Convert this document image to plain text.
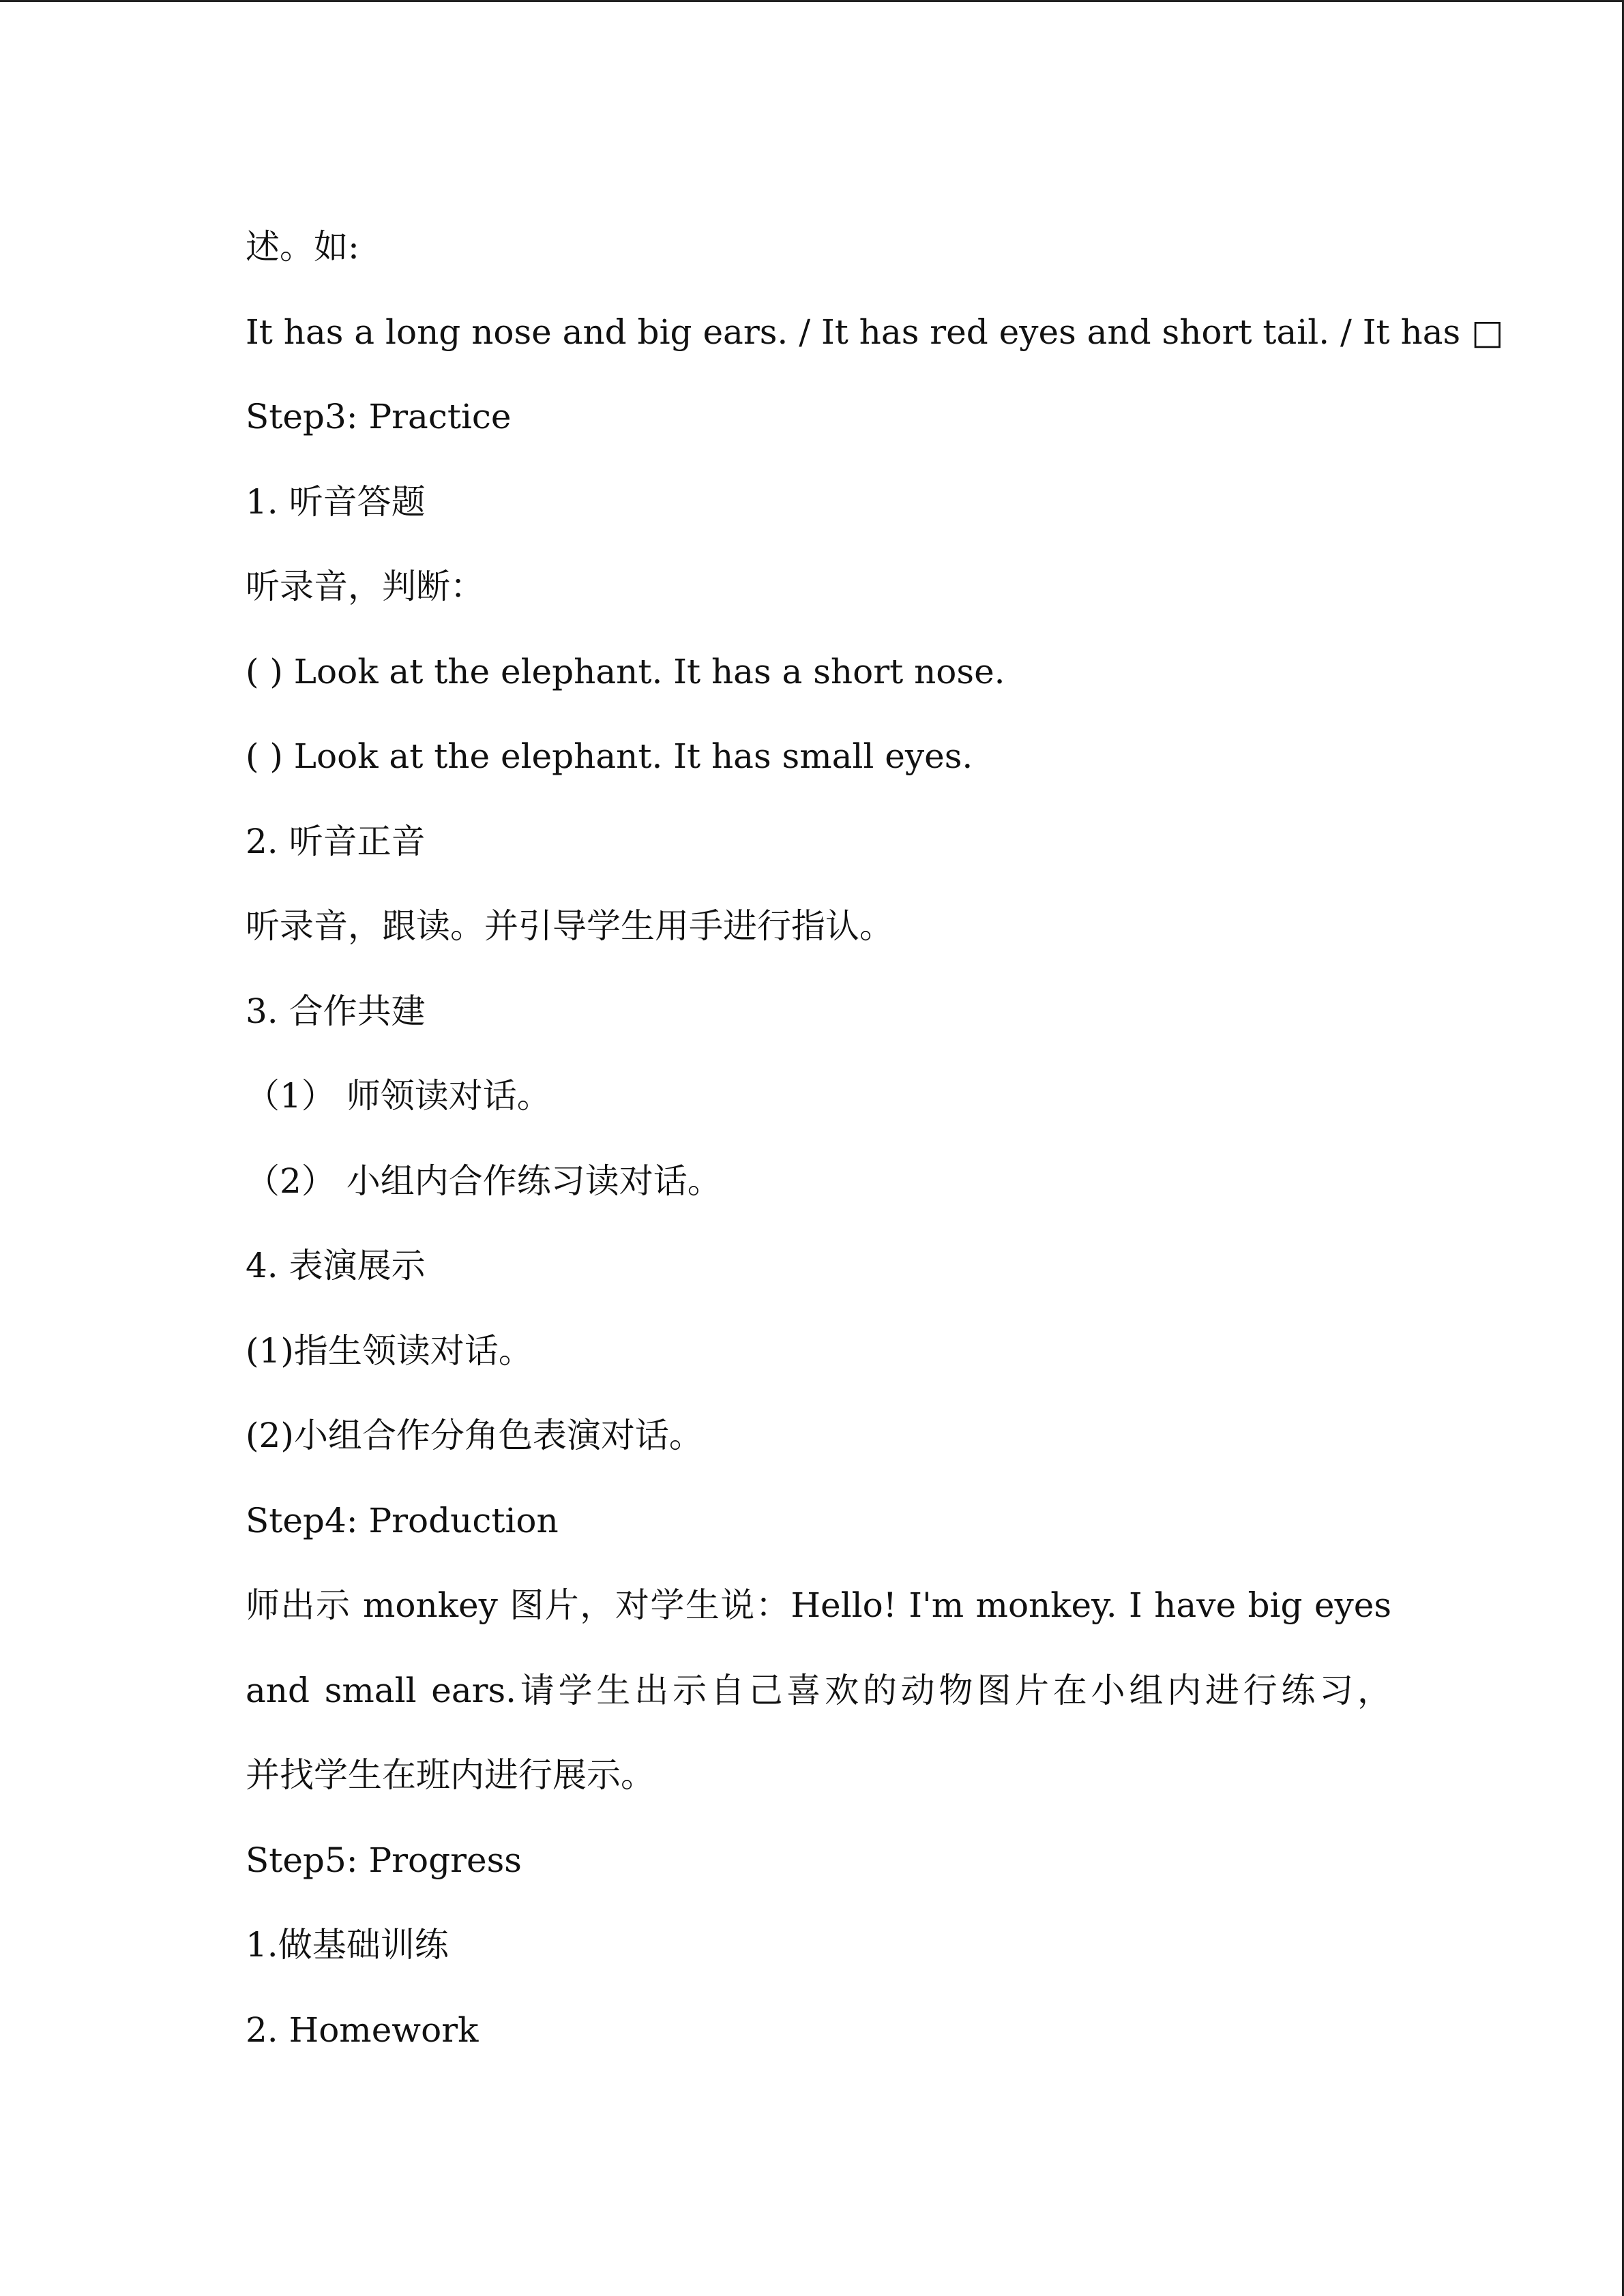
述。如:

It has a long nose and big ears. / It has red eyes and short tail. / It has □

Step3: Practice

1. 听音答题

听录音，判断：

( ) Look at the elephant. It has a short nose.

( ) Look at the elephant. It has small eyes.

2. 听音正音

听录音，跟读。并引导学生用手进行指认。

3. 合作共建

（1） 师领读对话。

（2） 小组内合作练习读对话。

4. 表演展示

(1)指生领读对话。

(2)小组合作分角色表演对话。

Step4: Production

师出示 monkey 图片，对学生说：Hello! I'm monkey. I have big eyes

and small ears.请学生出示自己喜欢的动物图片在小组内进行练习，

并找学生在班内进行展示。

Step5: Progress

1.做基础训练

2. Homework
